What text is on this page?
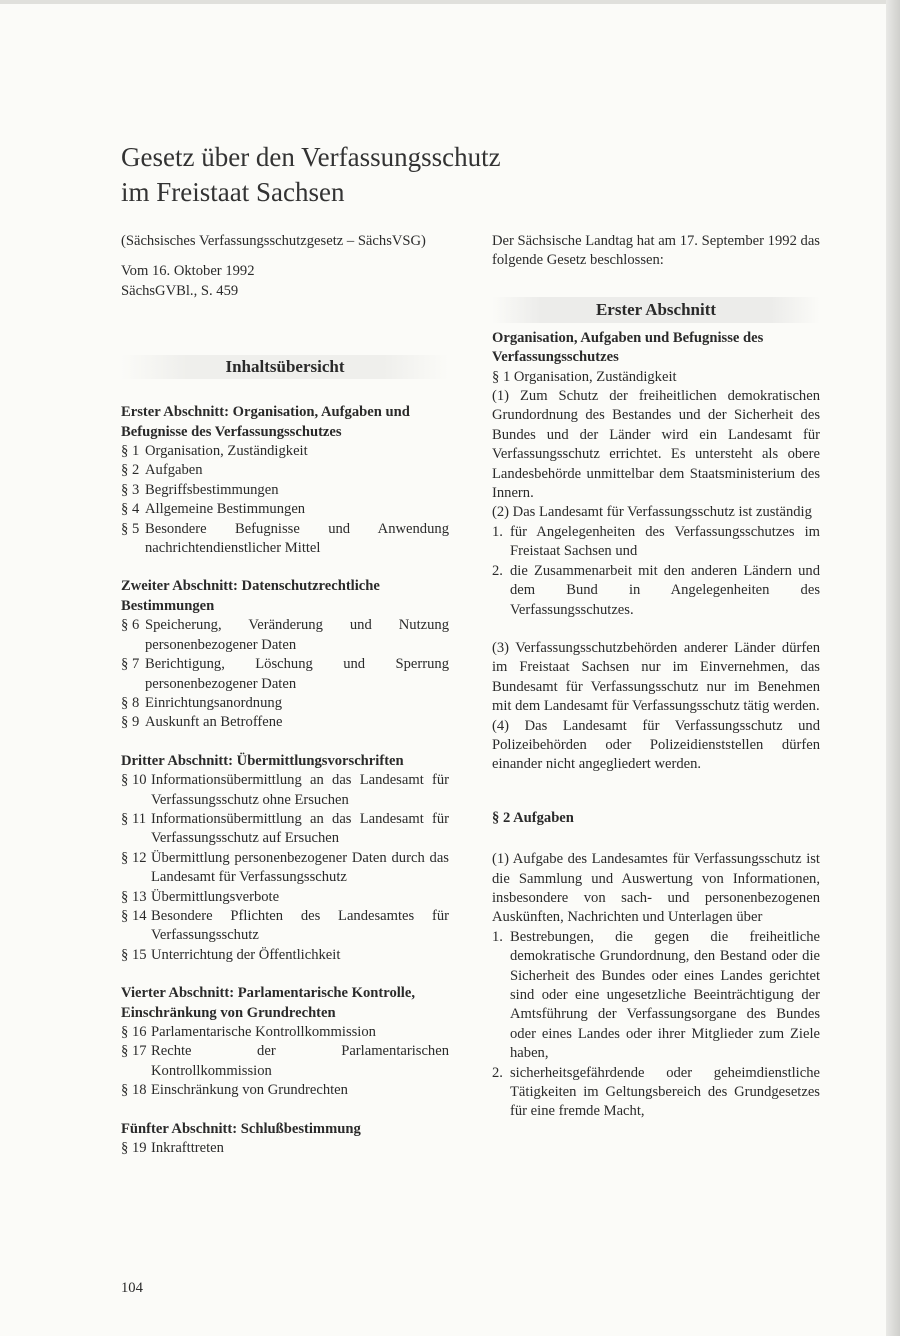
Gesetz über den Verfassungsschutz
im Freistaat Sachsen

(Sächsisches Verfassungsschutzgesetz – SächsVSG)

Vom 16. Oktober 1992

SächsGVBl., S. 459

Inhaltsübersicht

Erster Abschnitt: Organisation, Aufgaben und Befugnisse des Verfassungsschutzes

§ 1 Organisation, Zuständigkeit
§ 2 Aufgaben
§ 3 Begriffsbestimmungen
§ 4 Allgemeine Bestimmungen
§ 5 Besondere Befugnisse und Anwendung nachrichtendienstlicher Mittel

Zweiter Abschnitt: Datenschutzrechtliche Bestimmungen

§ 6 Speicherung, Veränderung und Nutzung personenbezogener Daten
§ 7 Berichtigung, Löschung und Sperrung personenbezogener Daten
§ 8 Einrichtungsanordnung
§ 9 Auskunft an Betroffene

Dritter Abschnitt: Übermittlungsvorschriften

§ 10 Informationsübermittlung an das Landesamt für Verfassungsschutz ohne Ersuchen
§ 11 Informationsübermittlung an das Landesamt für Verfassungsschutz auf Ersuchen
§ 12 Übermittlung personenbezogener Daten durch das Landesamt für Verfassungsschutz
§ 13 Übermittlungsverbote
§ 14 Besondere Pflichten des Landesamtes für Verfassungsschutz
§ 15 Unterrichtung der Öffentlichkeit

Vierter Abschnitt: Parlamentarische Kontrolle, Einschränkung von Grundrechten

§ 16 Parlamentarische Kontrollkommission
§ 17 Rechte der Parlamentarischen Kontrollkommission
§ 18 Einschränkung von Grundrechten

Fünfter Abschnitt: Schlußbestimmung

§ 19 Inkrafttreten

Der Sächsische Landtag hat am 17. September 1992 das folgende Gesetz beschlossen:

Erster Abschnitt

Organisation, Aufgaben und Befugnisse des Verfassungsschutzes

§ 1 Organisation, Zuständigkeit

(1) Zum Schutz der freiheitlichen demokratischen Grundordnung des Bestandes und der Sicherheit des Bundes und der Länder wird ein Landesamt für Verfassungsschutz errichtet. Es untersteht als obere Landesbehörde unmittelbar dem Staatsministerium des Innern.

(2) Das Landesamt für Verfassungsschutz ist zuständig

1. für Angelegenheiten des Verfassungsschutzes im Freistaat Sachsen und
2. die Zusammenarbeit mit den anderen Ländern und dem Bund in Angelegenheiten des Verfassungsschutzes.

(3) Verfassungsschutzbehörden anderer Länder dürfen im Freistaat Sachsen nur im Einvernehmen, das Bundesamt für Verfassungsschutz nur im Benehmen mit dem Landesamt für Verfassungsschutz tätig werden.

(4) Das Landesamt für Verfassungsschutz und Polizeibehörden oder Polizeidienststellen dürfen einander nicht angegliedert werden.

§ 2 Aufgaben

(1) Aufgabe des Landesamtes für Verfassungsschutz ist die Sammlung und Auswertung von Informationen, insbesondere von sach- und personenbezogenen Auskünften, Nachrichten und Unterlagen über

1. Bestrebungen, die gegen die freiheitliche demokratische Grundordnung, den Bestand oder die Sicherheit des Bundes oder eines Landes gerichtet sind oder eine ungesetzliche Beeinträchtigung der Amtsführung der Verfassungsorgane des Bundes oder eines Landes oder ihrer Mitglieder zum Ziele haben,
2. sicherheitsgefährdende oder geheimdienstliche Tätigkeiten im Geltungsbereich des Grundgesetzes für eine fremde Macht,
104
